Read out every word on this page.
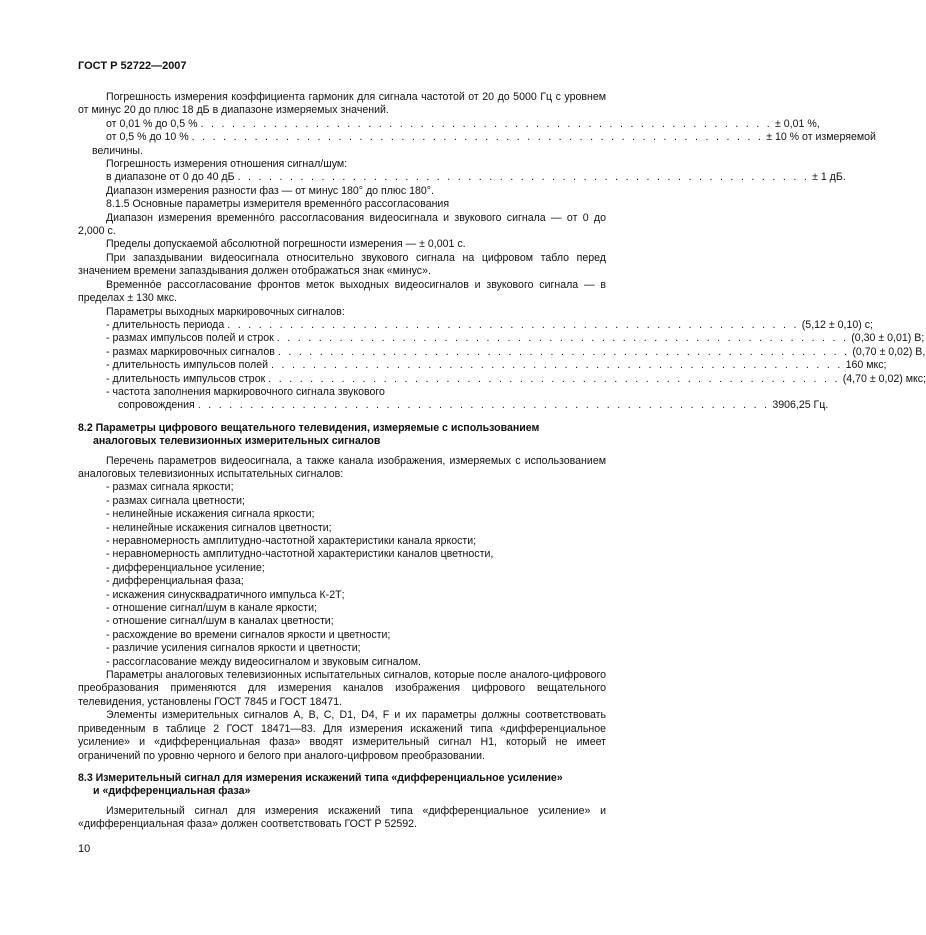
ГОСТ Р 52722—2007

Погрешность измерения коэффициента гармоник для сигнала частотой от 20 до 5000 Гц с уровнем от минус 20 до плюс 18 дБ в диапазоне измеряемых значений.

от 0,01 % до 0,5 % . . . . . . . . . . . . . . . . . . . . . . . . . . . . . . . . . . . . . . . . . . . . . . . . . . . . . . . ± 0,01 %,
от 0,5 % до 10 % . . . . . . . . . . . . . . . . . . . . . . . . . . . . . . . . . . . . . . . . . . . . . . . . . . . . . . . ± 10 % от измеряемой

величины.

Погрешность измерения отношения сигнал/шум:

в диапазоне от 0 до 40 дБ . . . . . . . . . . . . . . . . . . . . . . . . . . . . . . . . . . . . . . . . . . . . . . . . . . . . . . . ± 1 дБ.

Диапазон измерения разности фаз — от минус 180° до плюс 180°.

8.1.5 Основные параметры измерителя временнóго рассогласования

Диапазон измерения временнóго рассогласования видеосигнала и звукового сигнала — от 0 до 2,000 с.

Пределы допускаемой абсолютной погрешности измерения — ± 0,001 с.

При запаздывании видеосигнала относительно звукового сигнала на цифровом табло перед значением времени запаздывания должен отображаться знак «минус».

Временнóе рассогласование фронтов меток выходных видеосигналов и звукового сигнала — в пределах ± 130 мкс.

Параметры выходных маркировочных сигналов:

- длительность периода . . . . . . . . . . . . . . . . . . . . . . . . . . . . . . . . . . . . . . . . . . . . . . . . . . . . . . . (5,12 ± 0,10) с;
- размах импульсов полей и строк . . . . . . . . . . . . . . . . . . . . . . . . . . . . . . . . . . . . . . . . . . . . . . . . . . . . . . . (0,30 ± 0,01) В;
- размах маркировочных сигналов . . . . . . . . . . . . . . . . . . . . . . . . . . . . . . . . . . . . . . . . . . . . . . . . . . . . . . . (0,70 ± 0,02) В,
- длительность импульсов полей . . . . . . . . . . . . . . . . . . . . . . . . . . . . . . . . . . . . . . . . . . . . . . . . . . . . . . . 160 мкс;
- длительность импульсов строк . . . . . . . . . . . . . . . . . . . . . . . . . . . . . . . . . . . . . . . . . . . . . . . . . . . . . . . (4,70 ± 0,02) мкс;

- частота заполнения маркировочного сигнала звукового

сопровождения . . . . . . . . . . . . . . . . . . . . . . . . . . . . . . . . . . . . . . . . . . . . . . . . . . . . . . . 3906,25 Гц.

8.2 Параметры цифрового вещательного телевидения, измеряемые с использованием

аналоговых телевизионных измерительных сигналов

Перечень параметров видеосигнала, а также канала изображения, измеряемых с использованием аналоговых телевизионных испытательных сигналов:

- размах сигнала яркости;

- размах сигнала цветности;

- нелинейные искажения сигнала яркости;

- нелинейные искажения сигналов цветности;

- неравномерность амплитудно-частотной характеристики канала яркости;

- неравномерность амплитудно-частотной характеристики каналов цветности,

- дифференциальное усиление;

- дифференциальная фаза;

- искажения синусквадратичного импульса К-2Т;

- отношение сигнал/шум в канале яркости;

- отношение сигнал/шум в каналах цветности;

- расхождение во времени сигналов яркости и цветности;

- различие усиления сигналов яркости и цветности;

- рассогласование между видеосигналом и звуковым сигналом.

Параметры аналоговых телевизионных испытательных сигналов, которые после аналого-цифрового преобразования применяются для измерения каналов изображения цифрового вещательного телевидения, установлены ГОСТ 7845 и ГОСТ 18471.

Элементы измерительных сигналов А, В, С, D1, D4, F и их параметры должны соответствовать приведенным в таблице 2 ГОСТ 18471—83. Для измерения искажений типа «дифференциальное усиление» и «дифференциальная фаза» вводят измерительный сигнал Н1, который не имеет ограничений по уровню черного и белого при аналого-цифровом преобразовании.

8.3 Измерительный сигнал для измерения искажений типа «дифференциальное усиление»

и «дифференциальная фаза»

Измерительный сигнал для измерения искажений типа «дифференциальное усиление» и «дифференциальная фаза» должен соответствовать ГОСТ Р 52592.

10
